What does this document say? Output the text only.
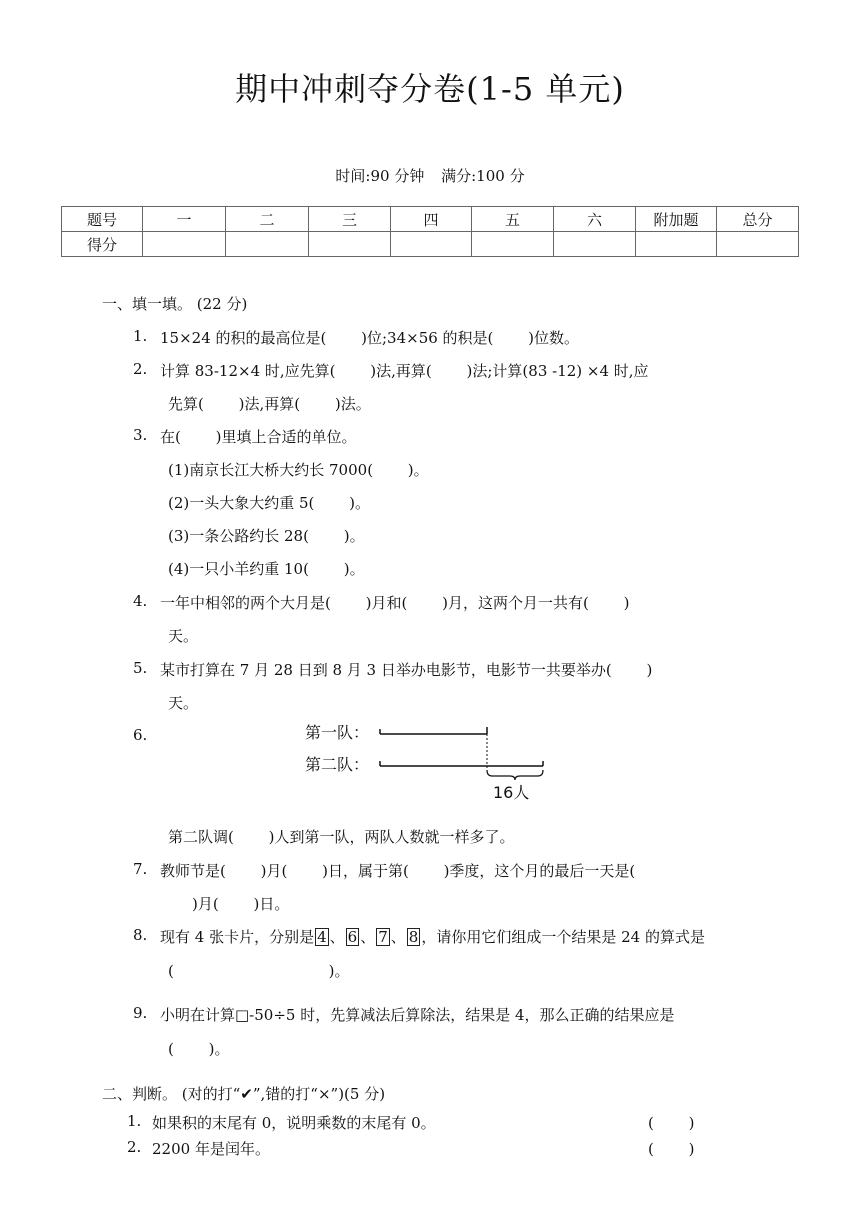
期中冲刺夺分卷(1-5 单元)
时间:90 分钟 满分:100 分
题号	一	二	三	四	五	六	附加题	总分
得分								
一、填一填。 (22 分)
1. 15×24 的积的最高位是(　　 )位;34×56 的积是(　　 )位数。
2. 计算 83-12×4 时,应先算(　　 )法,再算(　　 )法;计算(83 -12) ×4 时,应
先算(　　 )法,再算(　　 )法。
3. 在(　　 )里填上合适的单位。
(1)南京长江大桥大约长 7000(　　 )。
(2)一头大象大约重 5(　　 )。
(3)一条公路约长 28(　　 )。
(4)一只小羊约重 10(　　 )。
4. 一年中相邻的两个大月是(　　 )月和(　　 )月，这两个月一共有(　　 )
天。
5. 某市打算在 7 月 28 日到 8 月 3 日举办电影节，电影节一共要举办(　　 )
天。
6.	第一队：
第二队：
16人
第二队调(　　 )人到第一队，两队人数就一样多了。
7. 教师节是(　　 )月(　　 )日，属于第(　　 )季度，这个月的最后一天是(
)月(　　 )日。
8. 现有 4 张卡片，分别是 4 、 6 、 7 、 8 ，请你用它们组成一个结果是 24 的算式是
(　　　　　　　　　　 )。
9. 小明在计算□-50÷5 时，先算减法后算除法，结果是 4，那么正确的结果应是
(　　 )。
二、判断。 (对的打“✔”,错的打“×”)(5 分)
1. 如果积的末尾有 0，说明乘数的末尾有 0。	(　　 )
2. 2200 年是闰年。	(　　 )
